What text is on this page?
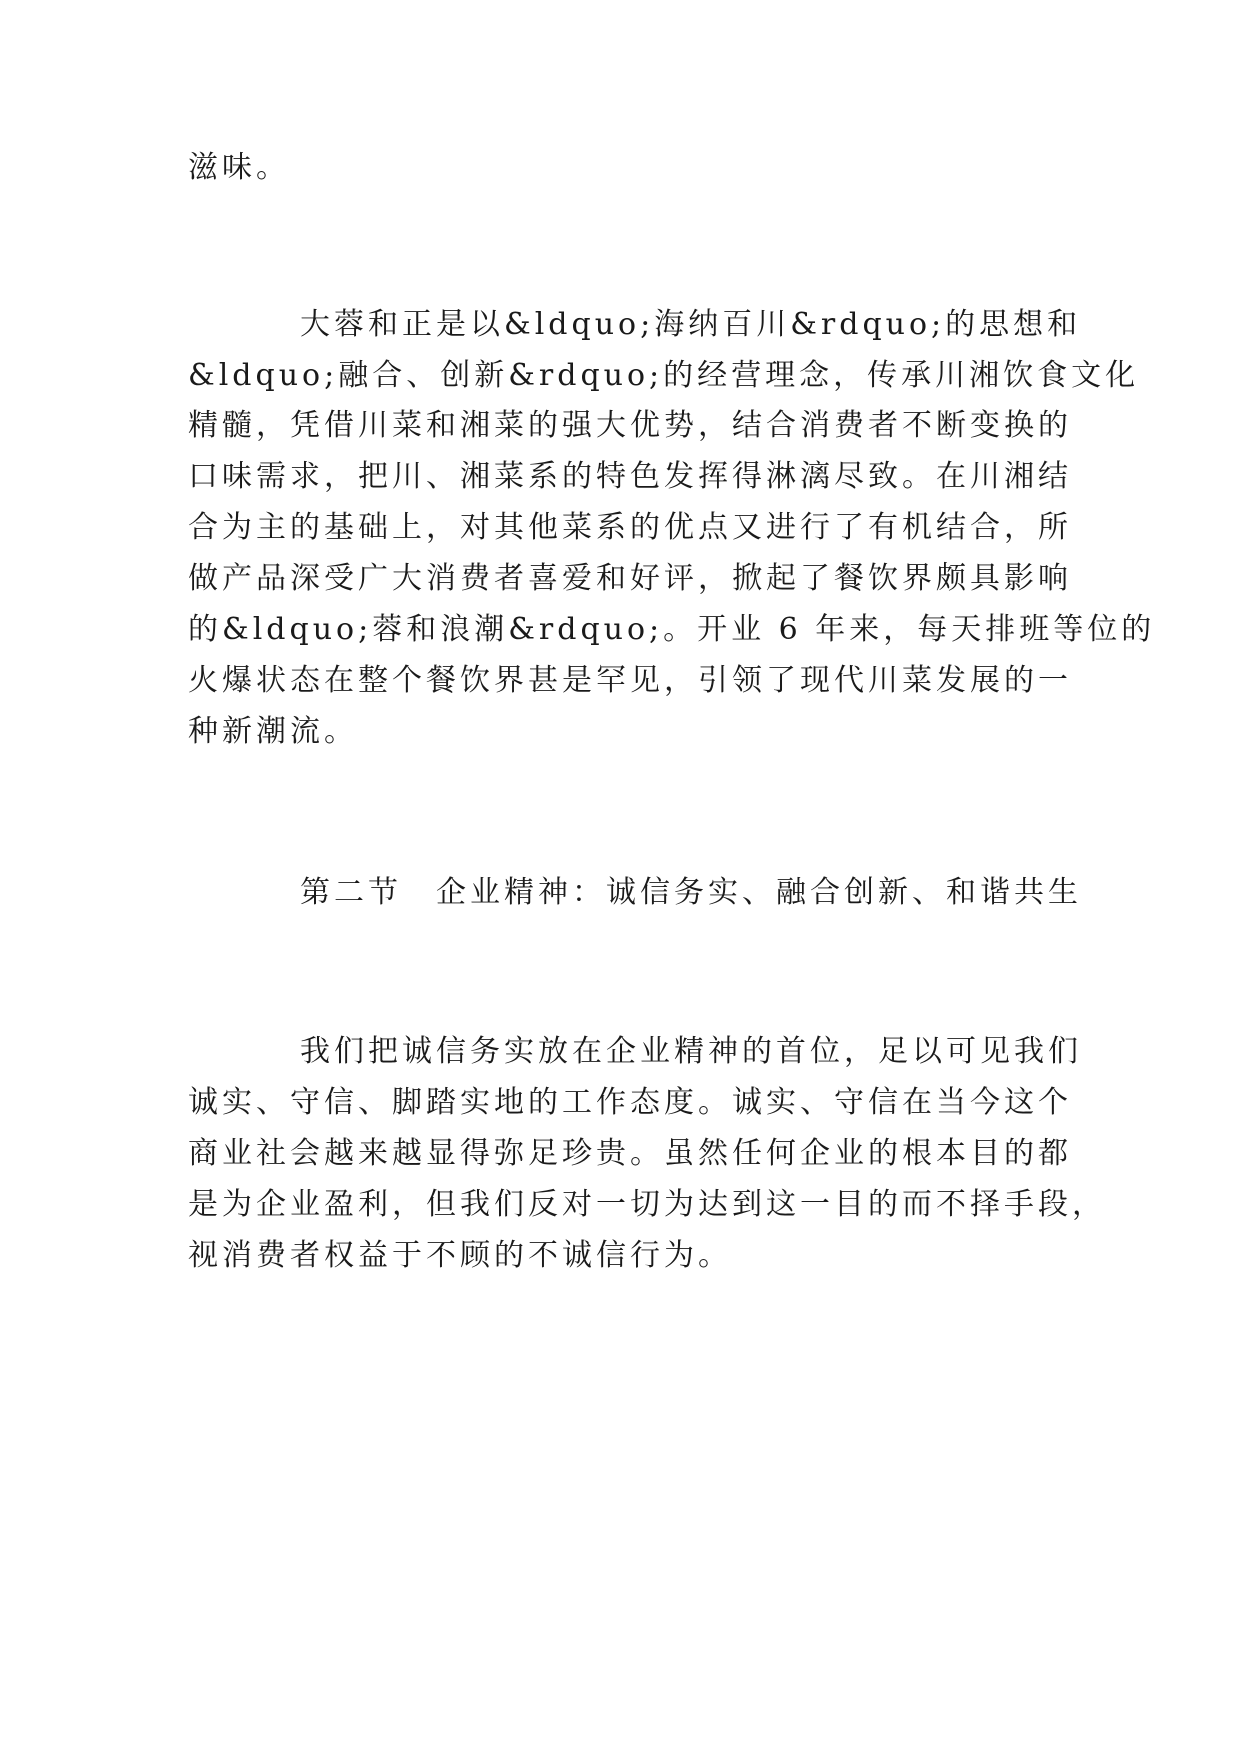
滋味。
大蓉和正是以&ldquo;海纳百川&rdquo;的思想和
&ldquo;融合、创新&rdquo;的经营理念，传承川湘饮食文化
精髓，凭借川菜和湘菜的强大优势，结合消费者不断变换的
口味需求，把川、湘菜系的特色发挥得淋漓尽致。在川湘结
合为主的基础上，对其他菜系的优点又进行了有机结合，所
做产品深受广大消费者喜爱和好评，掀起了餐饮界颇具影响
的&ldquo;蓉和浪潮&rdquo;。开业 6 年来，每天排班等位的
火爆状态在整个餐饮界甚是罕见，引领了现代川菜发展的一
种新潮流。
第二节　企业精神：诚信务实、融合创新、和谐共生
我们把诚信务实放在企业精神的首位，足以可见我们
诚实、守信、脚踏实地的工作态度。诚实、守信在当今这个
商业社会越来越显得弥足珍贵。虽然任何企业的根本目的都
是为企业盈利，但我们反对一切为达到这一目的而不择手段，
视消费者权益于不顾的不诚信行为。
